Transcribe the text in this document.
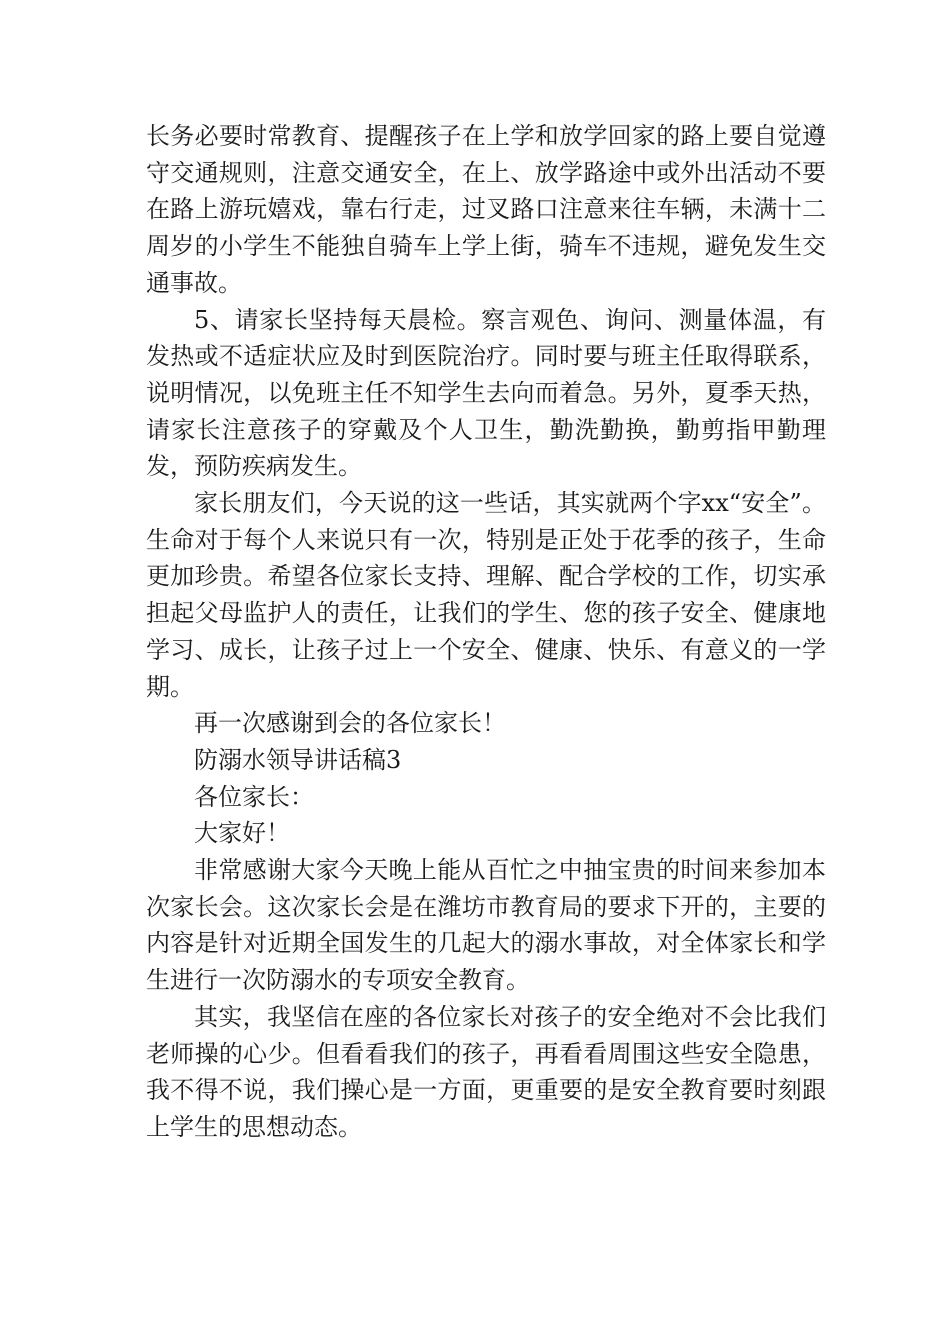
长务必要时常教育、提醒孩子在上学和放学回家的路上要自觉遵守交通规则，注意交通安全，在上、放学路途中或外出活动不要在路上游玩嬉戏，靠右行走，过叉路口注意来往车辆，未满十二周岁的小学生不能独自骑车上学上街，骑车不违规，避免发生交通事故。

5、请家长坚持每天晨检。察言观色、询问、测量体温，有发热或不适症状应及时到医院治疗。同时要与班主任取得联系，说明情况，以免班主任不知学生去向而着急。另外，夏季天热，请家长注意孩子的穿戴及个人卫生，勤洗勤换，勤剪指甲勤理发，预防疾病发生。

家长朋友们，今天说的这一些话，其实就两个字xx“安全”。生命对于每个人来说只有一次，特别是正处于花季的孩子，生命更加珍贵。希望各位家长支持、理解、配合学校的工作，切实承担起父母监护人的责任，让我们的学生、您的孩子安全、健康地学习、成长，让孩子过上一个安全、健康、快乐、有意义的一学期。

再一次感谢到会的各位家长！

防溺水领导讲话稿3

各位家长：

大家好！

非常感谢大家今天晚上能从百忙之中抽宝贵的时间来参加本次家长会。这次家长会是在潍坊市教育局的要求下开的，主要的内容是针对近期全国发生的几起大的溺水事故，对全体家长和学生进行一次防溺水的专项安全教育。

其实，我坚信在座的各位家长对孩子的安全绝对不会比我们老师操的心少。但看看我们的孩子，再看看周围这些安全隐患，我不得不说，我们操心是一方面，更重要的是安全教育要时刻跟上学生的思想动态。
